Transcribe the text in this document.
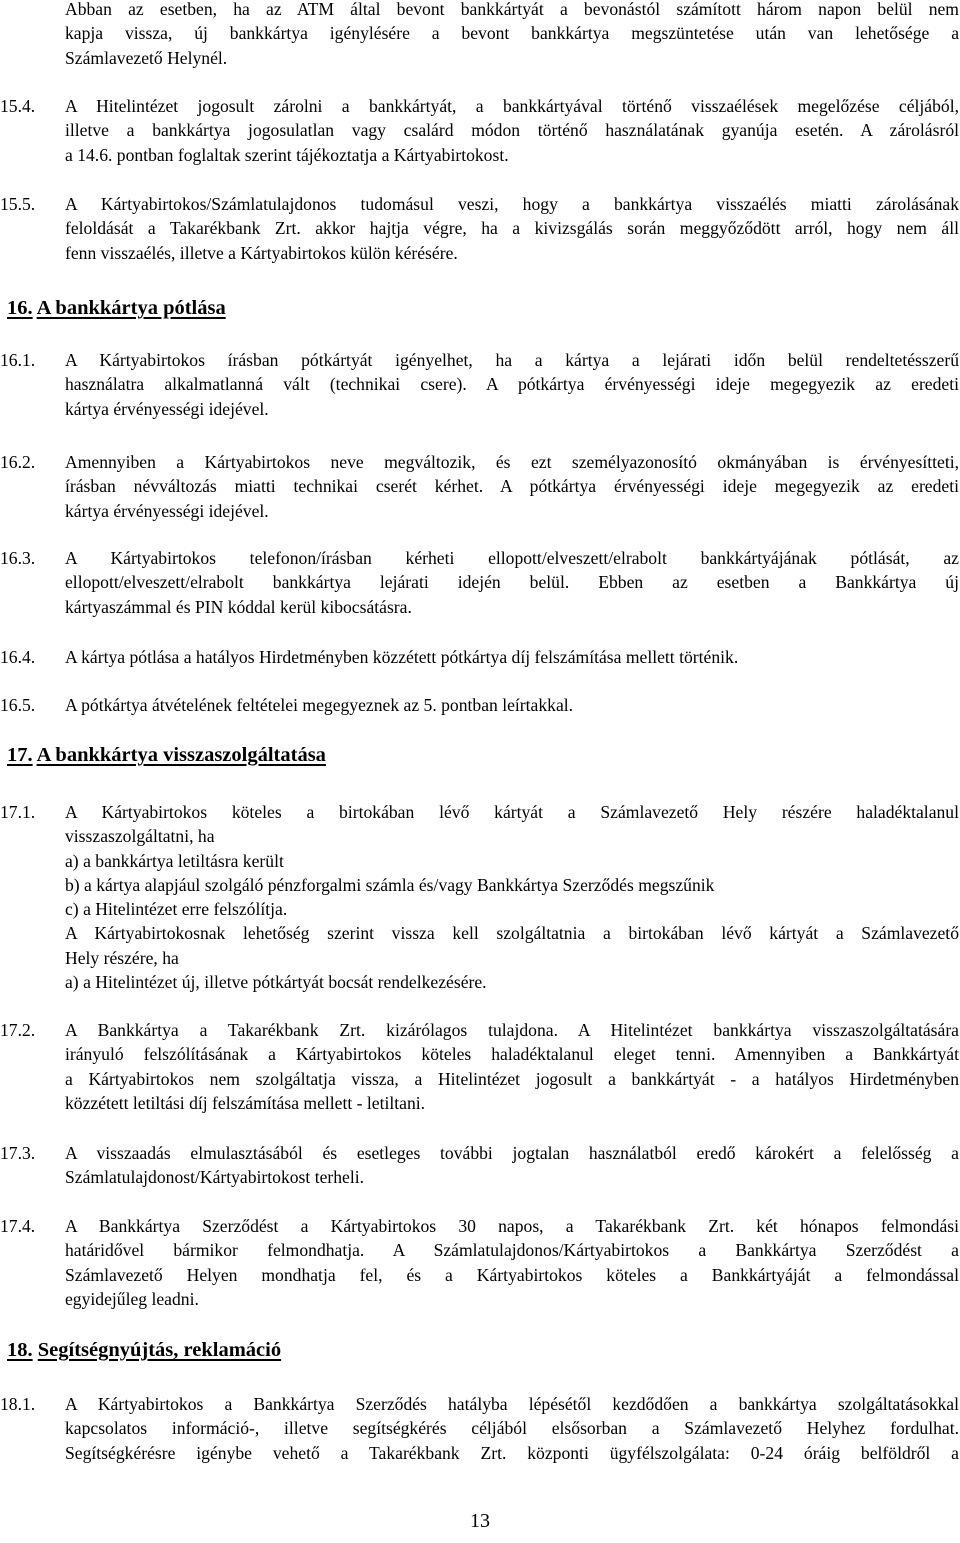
Abban az esetben, ha az ATM által bevont bankkártyát a bevonástól számított három napon belül nem
kapja vissza, új bankkártya igénylésére a bevont bankkártya megszüntetése után van lehetősége a
Számlavezető Helynél.
15.4.	A Hitelintézet jogosult zárolni a bankkártyát, a bankkártyával történő visszaélések megelőzése céljából,
illetve a bankkártya jogosulatlan vagy csalárd módon történő használatának gyanúja esetén. A zárolásról
a 14.6. pontban foglaltak szerint tájékoztatja a Kártyabirtokost.
15.5.	A Kártyabirtokos/Számlatulajdonos tudomásul veszi, hogy a bankkártya visszaélés miatti zárolásának
feloldását a Takarékbank Zrt. akkor hajtja végre, ha a kivizsgálás során meggyőződött arról, hogy nem áll
fenn visszaélés, illetve a Kártyabirtokos külön kérésére.
16. A bankkártya pótlása
16.1.	A Kártyabirtokos írásban pótkártyát igényelhet, ha a kártya a lejárati időn belül rendeltetésszerű
használatra alkalmatlanná vált (technikai csere). A pótkártya érvényességi ideje megegyezik az eredeti
kártya érvényességi idejével.
16.2.	Amennyiben a Kártyabirtokos neve megváltozik, és ezt személyazonosító okmányában is érvényesítteti,
írásban névváltozás miatti technikai cserét kérhet. A pótkártya érvényességi ideje megegyezik az eredeti
kártya érvényességi idejével.
16.3.	A Kártyabirtokos telefonon/írásban kérheti ellopott/elveszett/elrabolt bankkártyájának pótlását, az
ellopott/elveszett/elrabolt bankkártya lejárati idején belül. Ebben az esetben a Bankkártya új
kártyaszámmal és PIN kóddal kerül kibocsátásra.
16.4.	A kártya pótlása a hatályos Hirdetményben közzétett pótkártya díj felszámítása mellett történik.
16.5.	A pótkártya átvételének feltételei megegyeznek az 5. pontban leírtakkal.
17. A bankkártya visszaszolgáltatása
17.1.	A Kártyabirtokos köteles a birtokában lévő kártyát a Számlavezető Hely részére haladéktalanul
visszaszolgáltatni, ha
a) a bankkártya letiltásra került
b) a kártya alapjául szolgáló pénzforgalmi számla és/vagy Bankkártya Szerződés megszűnik
c) a Hitelintézet erre felszólítja.
A Kártyabirtokosnak lehetőség szerint vissza kell szolgáltatnia a birtokában lévő kártyát a Számlavezető
Hely részére, ha
a) a Hitelintézet új, illetve pótkártyát bocsát rendelkezésére.
17.2.	A Bankkártya a Takarékbank Zrt. kizárólagos tulajdona. A Hitelintézet bankkártya visszaszolgáltatására
irányuló felszólításának a Kártyabirtokos köteles haladéktalanul eleget tenni. Amennyiben a Bankkártyát
a Kártyabirtokos nem szolgáltatja vissza, a Hitelintézet jogosult a bankkártyát - a hatályos Hirdetményben
közzétett letiltási díj felszámítása mellett - letiltani.
17.3.	A visszaadás elmulasztásából és esetleges további jogtalan használatból eredő károkért a felelősség a
Számlatulajdonost/Kártyabirtokost terheli.
17.4.	A Bankkártya Szerződést a Kártyabirtokos 30 napos, a Takarékbank Zrt. két hónapos felmondási
határidővel bármikor felmondhatja. A Számlatulajdonos/Kártyabirtokos a Bankkártya Szerződést a
Számlavezető Helyen mondhatja fel, és a Kártyabirtokos köteles a Bankkártyáját a felmondással
egyidejűleg leadni.
18. Segítségnyújtás, reklamáció
18.1.	A Kártyabirtokos a Bankkártya Szerződés hatályba lépésétől kezdődően a bankkártya szolgáltatásokkal
kapcsolatos információ-, illetve segítségkérés céljából elsősorban a Számlavezető Helyhez fordulhat.
Segítségkérésre igénybe vehető a Takarékbank Zrt. központi ügyfélszolgálata: 0-24 óráig belföldről a
13
